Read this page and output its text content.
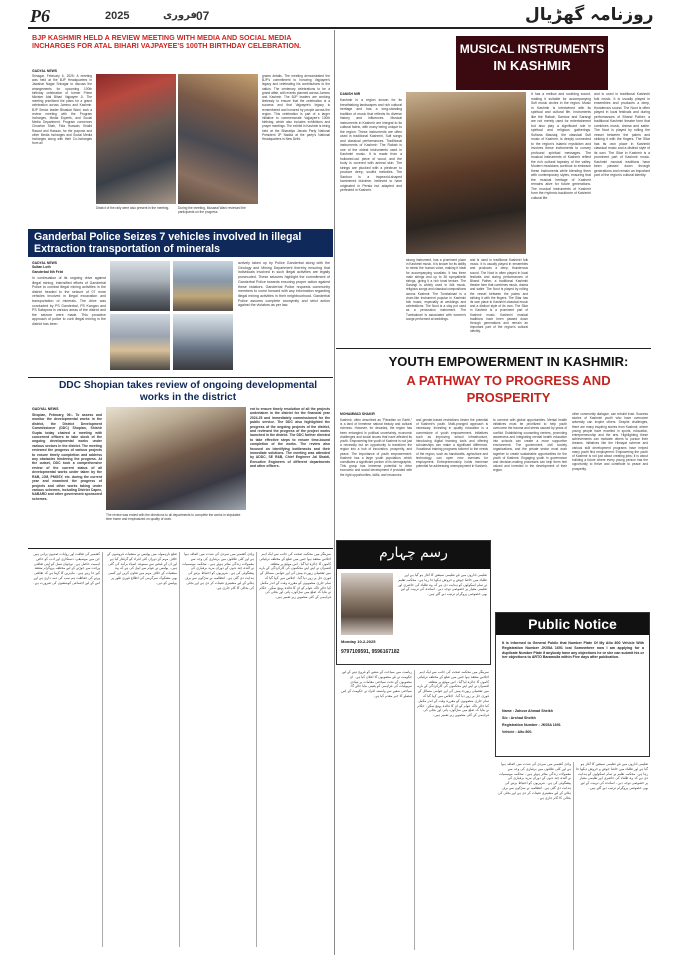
P6	2025	فروری 07	روزنامہ گھڑیال
BJP KASHMIR HELD A REVIEW MEETING WITH MEDIA AND SOCIAL MEDIA INCHARGES FOR ATAL BIHARI VAJPAYEE'S 100TH BIRTHDAY CELEBRATION.
GADYAL NEWS
Srinagar, February 6, 2025: A meeting was held at the BJP Headquarters in Jawahar Nagar Srinagar to discuss the arrangements for upcoming 100th birthday celebration of former Prime Minister Atal Bihari Vajpayee Ji. The meeting prioritized the plans for a grand celebration across Jammu and Kashmir. BJP Senior leader Bhaskar Wani, took a review meeting with the Program Incharges, Media Experts, and Social Media Department. Program convenors Chowhar Shah, Fida Hussain, Khalid Rasool and Hassan, for the purpose and other Media Incharges and Social Media Incharges along with their Co-Incharges from all
District of the rally were also present in the meeting.	During the meeting, Musaeal Wani reviewed the participants on the progress.
grams details. The meeting demonstrated the BJP's commitment to honoring Vajpayee's legacy and celebrating his contributions to the nation. The centenary celebrations to be a grand affair, with events planned across Jammu and Kashmir. The BJP leaders are working tirelessly to ensure that the celebration is a success and that Vajpayee's legacy is remembered and honored by people across the region. This celebration is part of a larger initiative to commemorate Vajpayee's 100th birthday, which also includes exhibitions and prayer meetings. The exhibit in Kashmir is being held at the Bharatiya Janata Party National President JP Nadda at the party's National Headquarters in New Delhi.
Ganderbal Police Seizes 7 vehicles involved In illegal Extraction transportation of minerals
GADYAL NEWS
Sultan Loth
Ganderbal 6th Febt
In continuation of its ongoing drive against illegal mining, intensified efforts of Ganderbal Police to combat illegal mining activities in the district headed to the seizure of 07 more vehicles involved in illegal excavation and transportation of minerals. The drive was conducted by PS Ganderbal, PS Kangan and PS Safapora in various areas of the district and the seizure were made. This proactive approach of police to curb illegal mining in the district has been
actively taken up by Police Ganderbal along with the Geology and Mining Department thereby ensuring that individuals involved in such illegal activities are legally prosecuted. These seizures highlight the commitment of Ganderbal Police towards ensuring proper action against these violators. Ganderbal Police requests community members to come forward with any information regarding illegal mining activities in their neighbourhood. Ganderbal Police assures complete anonymity and strict action against the violators as per law.
DDC Shopian takes review of ongoing developmental works in the district
GADYAL NEWS
Shopian, February, 06:- To assess and monitor the developmental works in the district, the District Development Commissioner (DDC) Shopian, Shishir Gupta today chaired a meeting with concerned officers to take stock of the ongoing developmental works under various sectors in the district. The meeting reviewed the progress of various projects to ensure timely completion and address any obstacles hindering the progress. At the outset, DDC took a comprehensive review of the current status of all developmental works under taken by the R&B, JJM, PMGSY, etc. during the current year and examined the progress of projects and other works taking under various schemes, including District Capex, NABARD and other government sponsored schemes.
The review was ended with the directions to all departments to complete the works in stipulated time frame and emphasized on quality of work.
ent to ensure timely resolution of all the projects undertaken in the district for the financial year 2024-25 and immediately commissioned for the public service. The DDC also highlighted the progress of the ongoing projects of the district, and reviewed the progress of the project works launched in the district. The DDC further directed to take effective steps to ensure time-bound completion of the works. The review also focused on identifying bottlenecks and their immediate solutions. The meeting was attended by ADDC, SE R&B, Chief Engineer Jal Shakti, Executive Engineers of different departments and other officers.
کشمیر کی ثقافت اور روایات صدیوں پرانی ہیں جن میں موسیقی، دستکاری اور ادب کو خاص اہمیت حاصل ہے۔ نوجوان نسل کو اپنی ثقافتی وراثت سے جوڑنے کے لیے مختلف پروگرام منعقد کیے جا رہے ہیں۔ ماہرین کا کہنا ہے کہ ثقافتی ورثے کی حفاظت ہم سب کی ذمہ داری ہے اور اس کے لیے اجتماعی کوششوں کی ضرورت ہے۔
ضلع بارہمولہ میں پولیس نے منشیات فروشوں کے خلاف مہم کے دوران کئی افراد کو گرفتار کیا ہے اور ان کے قبضے سے ممنوعہ اشیاء برآمد کی گئی ہیں۔ پولیس نے عوام سے اپیل کی ہے کہ وہ منشیات کے خلاف مہم میں تعاون کریں اور کسی بھی مشکوک سرگرمی کی اطلاع فوری طور پر پولیس کو دیں۔
وادی کشمیر میں سردی کی شدت میں اضافہ ہوا ہے اور کئی علاقوں میں برفباری کی وجہ سے معمولات زندگی متاثر ہوئے ہیں۔ محکمہ موسمیات نے آئندہ چند دنوں کے دوران مزید برفباری کی پیشگوئی کی ہے۔ شہریوں کو احتیاط برتنے کی ہدایت دی گئی ہے۔ انتظامیہ نے سڑکوں سے برف ہٹانے کے لیے مشینری تعینات کر دی ہے اور بجلی کی بحالی کا کام جاری ہے۔
سرینگر میں محکمہ صحت کی جانب سے ایک اہم اجلاس منعقد ہوا جس میں ضلع کے مختلف ترقیاتی کاموں کا جائزہ لیا گیا۔ اس موقع پر متعلقہ افسران نے اپنے اپنے محکموں کی کارکردگی کے بارے میں تفصیلی رپورٹ پیش کی اور عوامی مسائل کے فوری حل پر زور دیا گیا۔ اجلاس میں کہا گیا کہ تمام جاری منصوبوں کو مقررہ وقت کے اندر مکمل کیا جائے تاکہ عوام کو ان کا فائدہ پہنچ سکے۔ حکام نے بتایا کہ ضلع میں سڑکوں، پانی اور بجلی کی فراہمی کے کئی منصوبے زیر تعمیر ہیں۔
MUSICAL INSTRUMENTS
IN KASHMIR
DANISH MIR
Kashmir is a region known for its breathtaking landscapes and rich cultural heritage and has a long-standing tradition of music that reflects its diverse history and influences. Musical instruments in Kashmir are integral to its cultural fabric, with many being unique to the region. These instruments are often used in traditional Kashmiri, Sufi songs and classical performances. Traditional instruments of Kashmir: The Rabab is one of the oldest instruments used in Kashmiri music. It is made from a hollowed-out piece of wood, and the body is covered with animal skin. The strings are plucked with a plectrum to produce deep, soulful melodies. The Santoor is a trapezoid-shaped hammered dulcimer, believed to have originated in Persia but adapted and perfected in Kashmir.
strong instrument, has a prominent place in Kashmiri music. It is known for its ability to mimic the human voice, making it ideal for accompanying vocalists. It has three main strings and up to 36 sympathetic strings, giving it a rich tonal texture. The Sarangi is widely used in folk music, religious songs and classical compositions across Kashmir. The Tumbaknari is a drum-like instrument popular in Kashmiri folk music, especially at weddings and celebrations. The Noot is a clay pot used as a percussion instrument. The Tumbaknari is associated with women's songs performed at weddings.
and is used in traditional Kashmiri folk music. It is usually played in ensembles and produces a deep, thunderous sound. The Noot is often played in local festivals and during performances of Bhand Pather, a traditional Kashmiri theatre form that combines music, drama and satire. The Noot is played by rolling the vessel between the palms and striking it with the fingers. The Sitar has its own place in Kashmiri classical music and a distinct style of its own. The Sitar in Kashmir is a prominent part of Kashmir music. Kashmiri musical traditions have been passed down through generations and remain an important part of the region's cultural identity.
It has a mellow and soothing sound, making it suitable for accompanying Sufi music circles in the region. Music in Kashmir is intertwined with its spiritual and cultural life. Instruments like the Rabab, Santoor and Sarangi are not merely used for entertainment but also play a significant role in spiritual and religious gatherings. Sufiana Mausiqi, the classical Sufi music of Kashmir, is deeply connected to the region's Islamic mysticism and involves these instruments to convey profound spiritual messages. The musical instruments of Kashmir reflect the rich cultural tapestry of the valley. Modern musicians continue to embrace these instruments while blending them with contemporary styles, ensuring that the musical heritage of Kashmir remains alive for future generations. The musical instruments of Kashmir form the rhythmic backbone of Kashmiri cultural life.
and is used in traditional Kashmiri folk music. It is usually played in ensembles and produces a deep, thunderous sound. The Noot is often played in local festivals and during performances of Bhand Pather, a traditional Kashmiri theatre form that combines music, drama and satire. The Noot is played by rolling the vessel between the palms and striking it with the fingers. The Sitar has its own place in Kashmiri classical music and a distinct style of its own. The Sitar in Kashmir is a prominent part of Kashmir music. Kashmiri musical traditions have been passed down through generations and remain an important part of the region's cultural identity.
YOUTH EMPOWERMENT IN KASHMIR:
A PATHWAY TO PROGRESS AND
PROSPERITY
MOHAMMAD SHAKIR
Kashmir, often described as "Paradise on Earth," is a land of immense natural beauty and cultural richness. However, for decades, the region has been entangled in political uncertainty, economic challenges and social issues that have affected its youth. Empowering the youth of Kashmir is not just a necessity but an opportunity to transform the region into a hub of innovation, prosperity, and peace. The importance of youth empowerment: Kashmir has a large youth population, which constitutes a significant portion of its demographic. This group has immense potential to drive economic and social development if provided with the right opportunities, skills, and resources.
and gender-based restrictions hinder the potential of Kashmir's youth. Multi-pronged approach is necessary. Investing in quality education is a cornerstone of youth empowerment. Initiatives such as improving school infrastructure, introducing digital learning tools and offering scholarships can make a significant difference. Vocational training programs tailored to the needs of the region, such as handicrafts, agriculture and technology, can open new avenues for employment. Entrepreneurship holds immense potential for addressing unemployment in Kashmir.
to connect with global opportunities. Mental health initiatives must be prioritized to help youth overcome the trauma and stress caused by years of conflict. Establishing counseling centers, promoting awareness and integrating mental health education into schools can create a more supportive environment. The government, civil society organizations, and the private sector must work together to create sustainable opportunities for the youth of Kashmir. Engaging youth in governance and decision-making processes can help them feel valued and invested in the development of their region.
other community dialogue, can rebuild trust. Success stories of Kashmiri youth who have overcome adversity can inspire others. Despite challenges, there are many inspiring stories from Kashmir, where young people have excelled in sports, education, entrepreneurship and the arts. Highlighting these achievements can motivate others to pursue their dreams. Initiatives like the Himayat scheme and various skill development programs have helped many youth find employment. Empowering the youth of Kashmir is not just about creating jobs; it is about building a future where every young person has the opportunity to thrive and contribute to peace and prosperity.
رسم چہارم
تعلیمی اداروں میں نئے تعلیمی سیشن کا آغاز ہو گیا ہے اور طلباء میں خاصا جوش و خروش دیکھا جا رہا ہے۔ محکمہ تعلیم نے تمام اسکولوں کو ہدایت دی ہے کہ وہ طلباء کی حاضری اور تعلیمی معیار پر خصوصی توجہ دیں۔ اساتذہ کی تربیت کے لیے بھی خصوصی پروگرام ترتیب دیے گئے ہیں۔
Monday 10-2-2025
9797109591, 9596167182
Public Notice
It is informed to General Public that Number Plate Of My Alto 800 Vehicle With Registration Number JK05A 1691 lost Somewhere now I am applying for a duplicate Number Plate if anybody have any objections he or she can submit his or her objections to ARTO Baramulla within Five days after publication.
Name : Zahoor Ahmad Sheikh
S/o : Arshad Sheikh
Registration Number : JK05A 1691
Vehicle : Alto 800.
ریاست میں سیاحت کے شعبے کو فروغ دینے کے لیے حکومت نے نئے منصوبوں کا اعلان کیا ہے۔ ان منصوبوں کے تحت سیاحتی مقامات پر بنیادی سہولیات کی فراہمی کو یقینی بنایا جائے گا۔ سیاحتی شعبے سے وابستہ افراد نے حکومت کے اس فیصلے کا خیر مقدم کیا ہے۔
سرینگر میں محکمہ صحت کی جانب سے ایک اہم اجلاس منعقد ہوا جس میں ضلع کے مختلف ترقیاتی کاموں کا جائزہ لیا گیا۔ اس موقع پر متعلقہ افسران نے اپنے اپنے محکموں کی کارکردگی کے بارے میں تفصیلی رپورٹ پیش کی اور عوامی مسائل کے فوری حل پر زور دیا گیا۔ اجلاس میں کہا گیا کہ تمام جاری منصوبوں کو مقررہ وقت کے اندر مکمل کیا جائے تاکہ عوام کو ان کا فائدہ پہنچ سکے۔ حکام نے بتایا کہ ضلع میں سڑکوں، پانی اور بجلی کی فراہمی کے کئی منصوبے زیر تعمیر ہیں۔
وادی کشمیر میں سردی کی شدت میں اضافہ ہوا ہے اور کئی علاقوں میں برفباری کی وجہ سے معمولات زندگی متاثر ہوئے ہیں۔ محکمہ موسمیات نے آئندہ چند دنوں کے دوران مزید برفباری کی پیشگوئی کی ہے۔ شہریوں کو احتیاط برتنے کی ہدایت دی گئی ہے۔ انتظامیہ نے سڑکوں سے برف ہٹانے کے لیے مشینری تعینات کر دی ہے اور بجلی کی بحالی کا کام جاری ہے۔
تعلیمی اداروں میں نئے تعلیمی سیشن کا آغاز ہو گیا ہے اور طلباء میں خاصا جوش و خروش دیکھا جا رہا ہے۔ محکمہ تعلیم نے تمام اسکولوں کو ہدایت دی ہے کہ وہ طلباء کی حاضری اور تعلیمی معیار پر خصوصی توجہ دیں۔ اساتذہ کی تربیت کے لیے بھی خصوصی پروگرام ترتیب دیے گئے ہیں۔
